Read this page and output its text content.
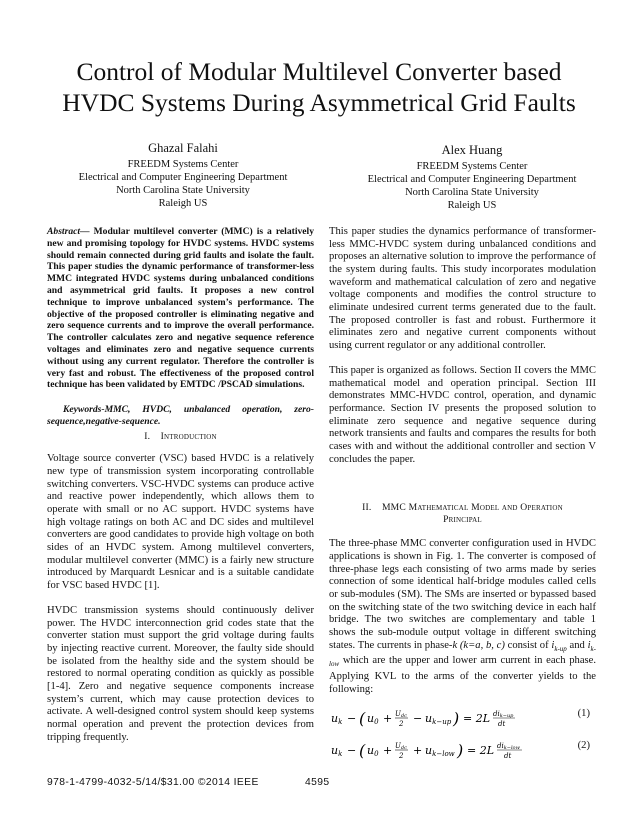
Control of Modular Multilevel Converter based
HVDC Systems During Asymmetrical Grid Faults
Ghazal Falahi
FREEDM Systems Center
Electrical and Computer Engineering Department
North Carolina State University
Raleigh US
Alex Huang
FREEDM Systems Center
Electrical and Computer Engineering Department
North Carolina State University
Raleigh US

Abstract— Modular multilevel converter (MMC) is a relatively new and promising topology for HVDC systems. HVDC systems should remain connected during grid faults and isolate the fault. This paper studies the dynamic performance of transformer-less MMC integrated HVDC systems during unbalanced conditions and asymmetrical grid faults. It proposes a new control technique to improve unbalanced system’s performance. The objective of the proposed controller is eliminating negative and zero sequence currents and to improve the overall performance. The controller calculates zero and negative sequence reference voltages and eliminates zero and negative sequence currents without using any current regulator. Therefore the controller is very fast and robust. The effectiveness of the proposed control technique has been validated by EMTDC /PSCAD simulations.

Keywords-MMC, HVDC, unbalanced operation, zero-sequence,negative-sequence.

I. Introduction

Voltage source converter (VSC) based HVDC is a relatively new type of transmission system incorporating controllable switching converters. VSC-HVDC systems can produce active and reactive power independently, which allows them to operate with small or no AC support. HVDC systems have high voltage ratings on both AC and DC sides and multilevel converters are good candidates to provide high voltage on both sides of an HVDC system. Among multilevel converters, modular multilevel converter (MMC) is a fairly new structure introduced by Marquardt Lesnicar and is a suitable candidate for VSC based HVDC [1].

HVDC transmission systems should continuously deliver power. The HVDC interconnection grid codes state that the converter station must support the grid voltage during faults by injecting reactive current. Moreover, the faulty side should be isolated from the healthy side and the system should be restored to normal operating condition as quickly as possible [1-4]. Zero and negative sequence components increase system’s current, which may cause protection devices to activate. A well-designed control system should keep systems normal operation and prevent the protection devices from tripping frequently.

This paper studies the dynamics performance of transformer-less MMC-HVDC system during unbalanced conditions and proposes an alternative solution to improve the performance of the system during faults. This study incorporates modulation waveform and mathematical calculation of zero and negative voltage components and modifies the control structure to eliminate undesired current terms generated due to the fault. The proposed controller is fast and robust. Furthermore it eliminates zero and negative current components without using current regulator or any additional controller.

This paper is organized as follows. Section II covers the MMC mathematical model and operation principal. Section III demonstrates MMC-HVDC control, operation, and dynamic performance. Section IV presents the proposed solution to eliminate zero sequence and negative sequence during network transients and faults and compares the results for both cases with and without the additional controller and section V concludes the paper.

II. MMC Mathematical Model and Operation
Principal

The three-phase MMC converter configuration used in HVDC applications is shown in Fig. 1. The converter is composed of three-phase legs each consisting of two arms made by series connection of some identical half-bridge modules called cells or sub-modules (SM). The SMs are inserted or bypassed based on the switching state of the two switching device in each half bridge. The two switches are complementary and table 1 shows the sub-module output voltage in different switching states. The currents in phase-k (k=a, b, c) consist of $i_{k-up}$ and $i_{k-low}$ which are the upper and lower arm current in each phase. Applying KVL to the arms of the converter yields to the following:

uk − ( u0 + Udc
2 − uk−up ) = 2L dik−up
dt
(1)
uk − ( u0 + Udc
2 + uk−low ) = 2L dik−low
dt
(2)
978-1-4799-4032-5/14/$31.00 ©2014 IEEE	4595
